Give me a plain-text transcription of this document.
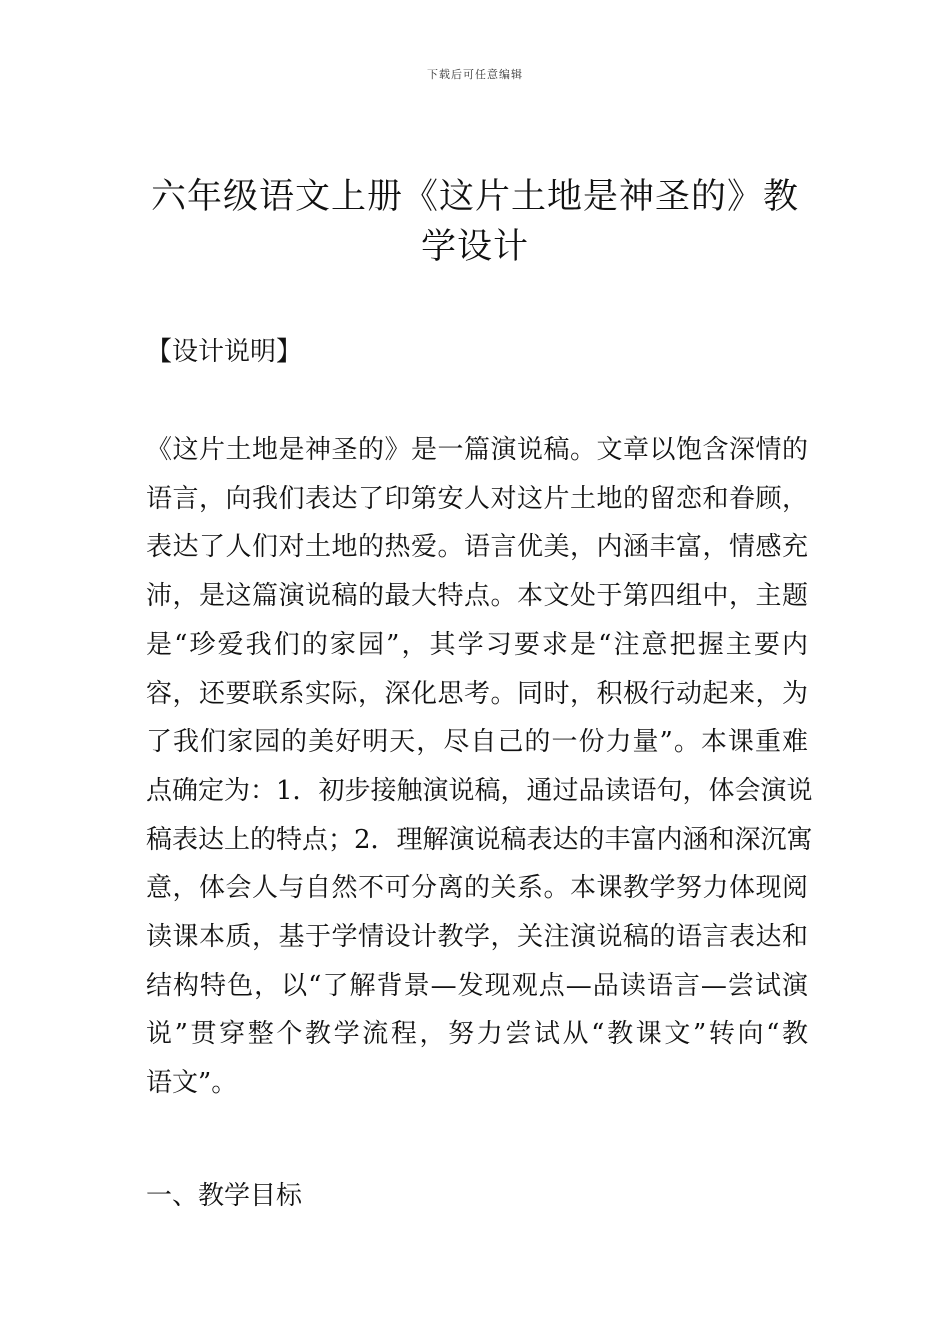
下载后可任意编辑
六年级语文上册《这片土地是神圣的》教
学设计
【设计说明】

《这片土地是神圣的》是一篇演说稿。文章以饱含深情的
语言，向我们表达了印第安人对这片土地的留恋和眷顾，
表达了人们对土地的热爱。语言优美，内涵丰富，情感充
沛，是这篇演说稿的最大特点。本文处于第四组中，主题
是“珍爱我们的家园”，其学习要求是“注意把握主要内
容，还要联系实际，深化思考。同时，积极行动起来，为
了我们家园的美好明天，尽自己的一份力量”。本课重难
点确定为：1．初步接触演说稿，通过品读语句，体会演说
稿表达上的特点；2．理解演说稿表达的丰富内涵和深沉寓
意，体会人与自然不可分离的关系。本课教学努力体现阅
读课本质，基于学情设计教学，关注演说稿的语言表达和
结构特色，以“了解背景—发现观点—品读语言—尝试演
说”贯穿整个教学流程，努力尝试从“教课文”转向“教
语文”。

一、教学目标
